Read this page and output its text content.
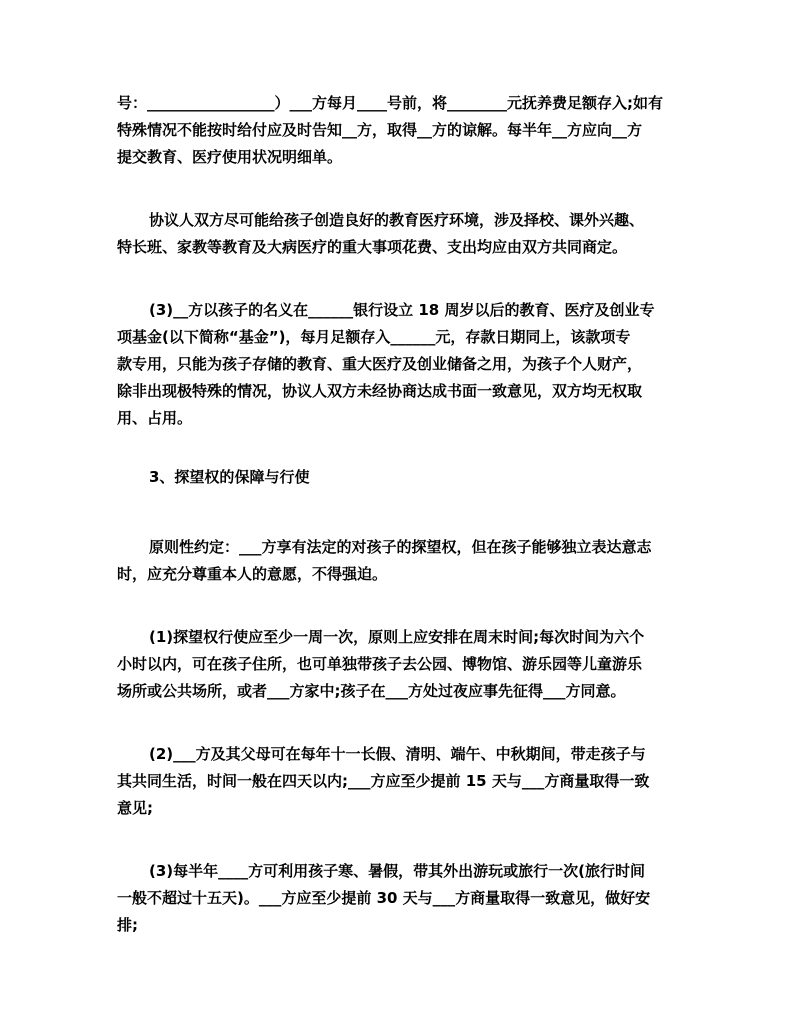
号：_________________）___方每月____号前，将________元抚养费足额存入;如有
特殊情况不能按时给付应及时告知__方，取得__方的谅解。每半年__方应向__方
提交教育、医疗使用状况明细单。
协议人双方尽可能给孩子创造良好的教育医疗环境，涉及择校、课外兴趣、
特长班、家教等教育及大病医疗的重大事项花费、支出均应由双方共同商定。
(3)__方以孩子的名义在______银行设立 18 周岁以后的教育、医疗及创业专
项基金(以下简称“基金”)，每月足额存入______元，存款日期同上，该款项专
款专用，只能为孩子存储的教育、重大医疗及创业储备之用，为孩子个人财产，
除非出现极特殊的情况，协议人双方未经协商达成书面一致意见，双方均无权取
用、占用。
3、探望权的保障与行使
原则性约定：___方享有法定的对孩子的探望权，但在孩子能够独立表达意志
时，应充分尊重本人的意愿，不得强迫。
(1)探望权行使应至少一周一次，原则上应安排在周末时间;每次时间为六个
小时以内，可在孩子住所，也可单独带孩子去公园、博物馆、游乐园等儿童游乐
场所或公共场所，或者___方家中;孩子在___方处过夜应事先征得___方同意。
(2)___方及其父母可在每年十一长假、清明、端午、中秋期间，带走孩子与
其共同生活，时间一般在四天以内;___方应至少提前 15 天与___方商量取得一致
意见;
(3)每半年____方可利用孩子寒、暑假，带其外出游玩或旅行一次(旅行时间
一般不超过十五天)。___方应至少提前 30 天与___方商量取得一致意见，做好安
排;
